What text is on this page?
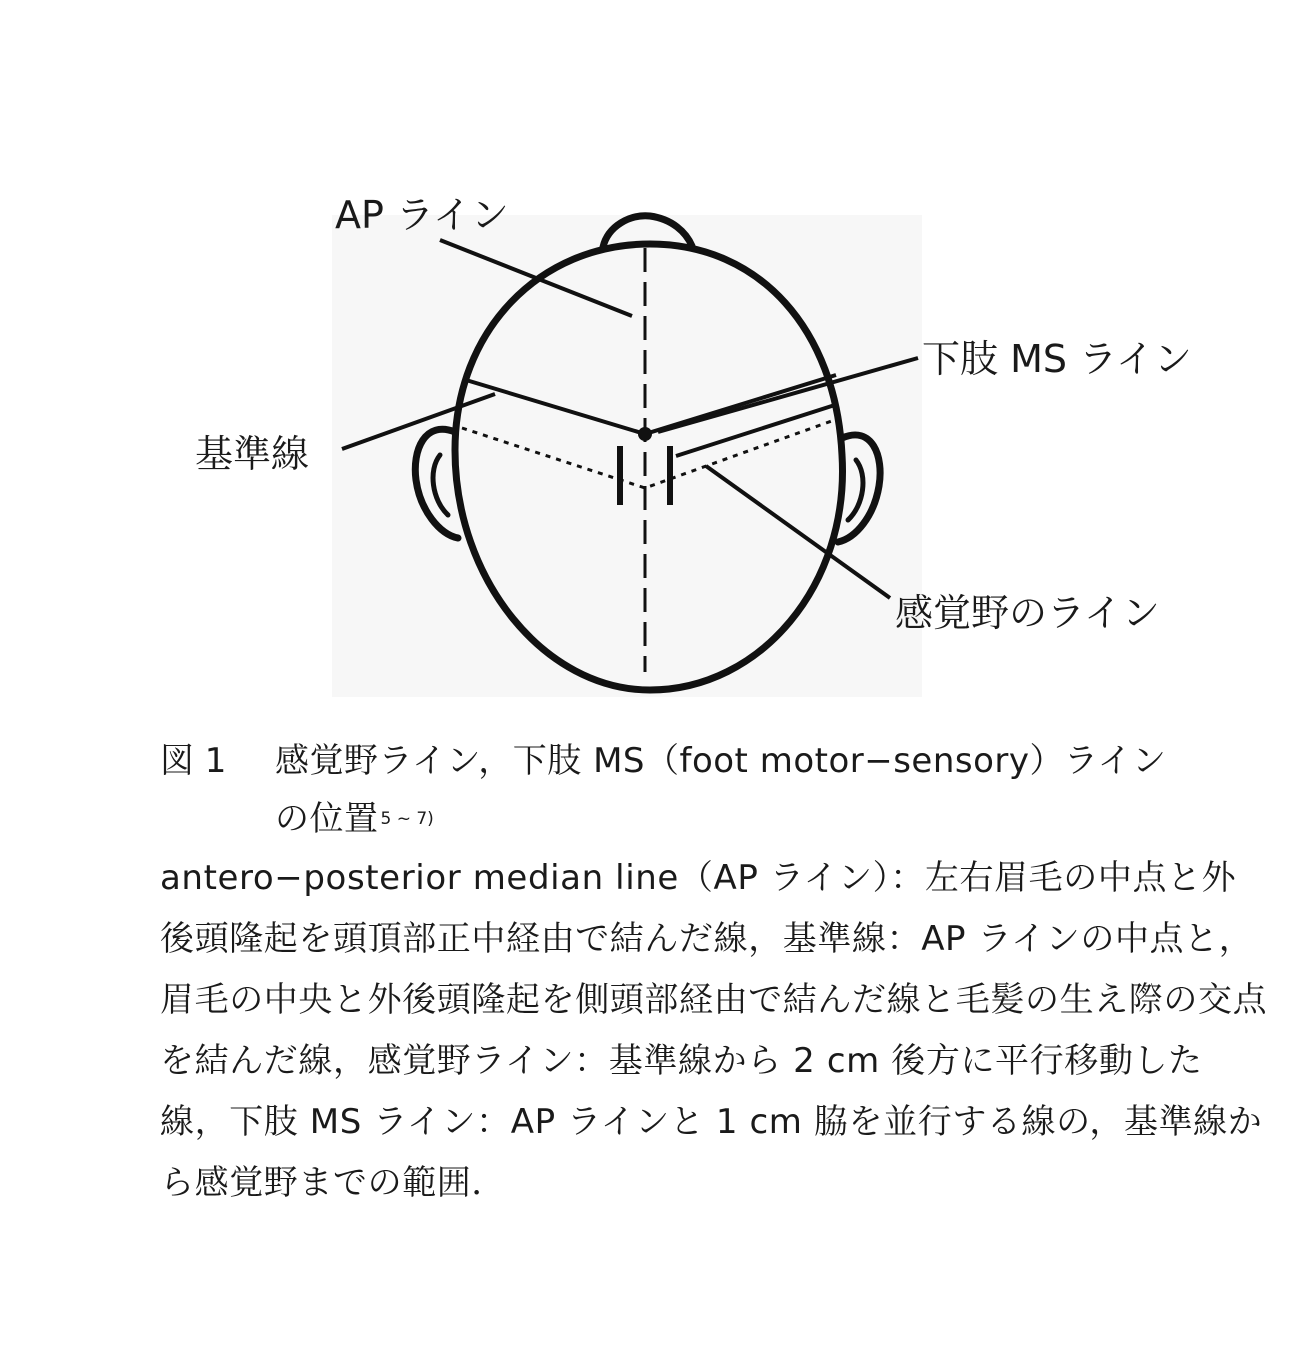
AP ライン
下肢 MS ライン
基準線
感覚野のライン
図 1	感覚野ライン，下肢 MS（foot motor−sensory）ライン
の位置 5 ~ 7)
antero−posterior median line（AP ライン）：左右眉毛の中点と外後頭隆起を頭頂部正中経由で結んだ線，基準線：AP ラインの中点と，眉毛の中央と外後頭隆起を側頭部経由で結んだ線と毛髪の生え際の交点を結んだ線，感覚野ライン：基準線から 2 cm 後方に平行移動した線，下肢 MS ライン：AP ラインと 1 cm 脇を並行する線の，基準線から感覚野までの範囲．
